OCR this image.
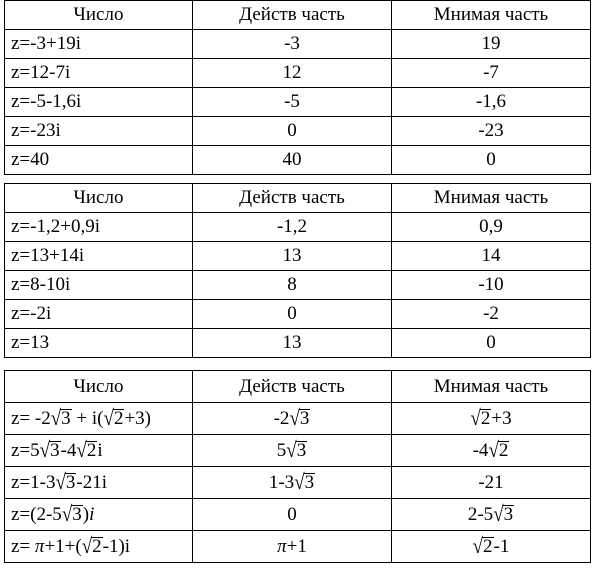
Число	Действ часть	Мнимая часть
z=-3+19i	-3	19
z=12-7i	12	-7
z=-5-1,6i	-5	-1,6
z=-23i	0	-23
z=40	40	0
Число	Действ часть	Мнимая часть
z=-1,2+0,9i	-1,2	0,9
z=13+14i	13	14
z=8-10i	8	-10
z=-2i	0	-2
z=13	13	0
Число	Действ часть	Мнимая часть
z= -2√3 + i(√2+3)	-2√3	√2+3
z=5√3-4√2i	5√3	-4√2
z=1-3√3-21i	1-3√3	-21
z=(2-5√3)i	0	2-5√3
z= π+1+(√2-1)i	π+1	√2-1
